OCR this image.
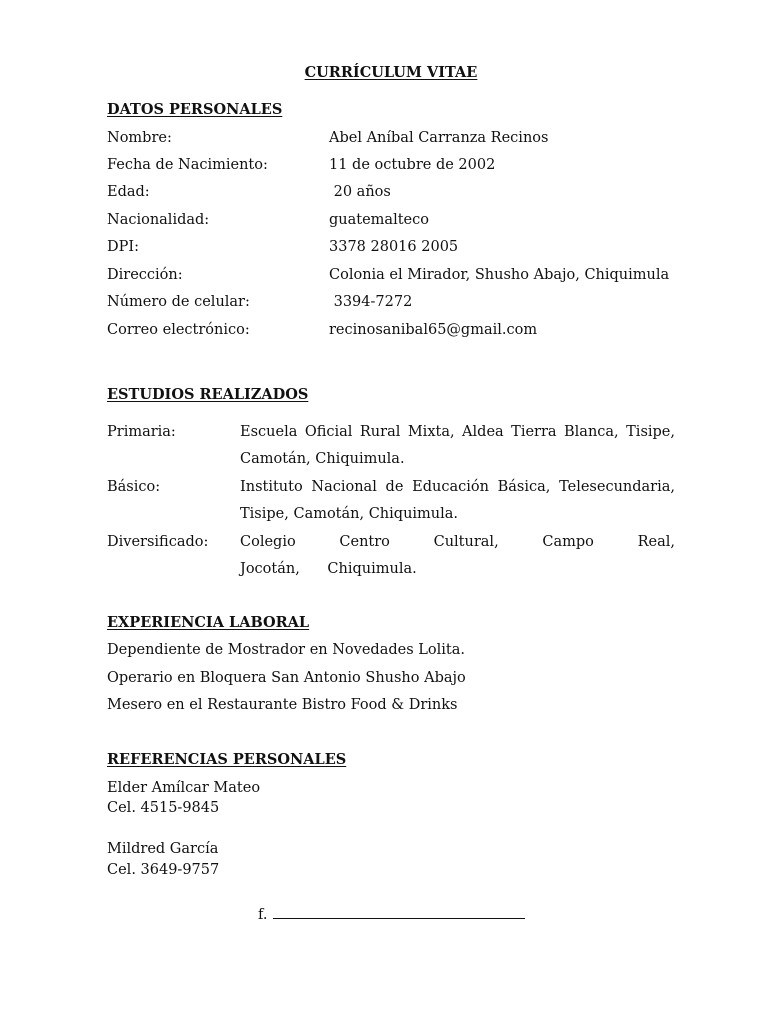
CURRÍCULUM VITAE
DATOS PERSONALES
Nombre:	Abel Aníbal Carranza Recinos
Fecha de Nacimiento:	11 de octubre de 2002
Edad:	20 años
Nacionalidad:	guatemalteco
DPI:	3378 28016 2005
Dirección:	Colonia el Mirador, Shusho Abajo, Chiquimula
Número de celular:	3394-7272
Correo electrónico:	recinosanibal65@gmail.com
ESTUDIOS REALIZADOS
Primaria:	Escuela Oficial Rural Mixta, Aldea Tierra Blanca, Tisipe, Camotán, Chiquimula.
Básico:	Instituto Nacional de Educación Básica, Telesecundaria, Tisipe, Camotán, Chiquimula.
Diversificado: Colegio Centro Cultural, Campo Real, Jocotán, Chiquimula.
EXPERIENCIA LABORAL
Dependiente de Mostrador en Novedades Lolita.
Operario en Bloquera San Antonio Shusho Abajo
Mesero en el Restaurante Bistro Food & Drinks
REFERENCIAS PERSONALES
Elder Amílcar Mateo
Cel. 4515-9845
Mildred García
Cel. 3649-9757
f.
